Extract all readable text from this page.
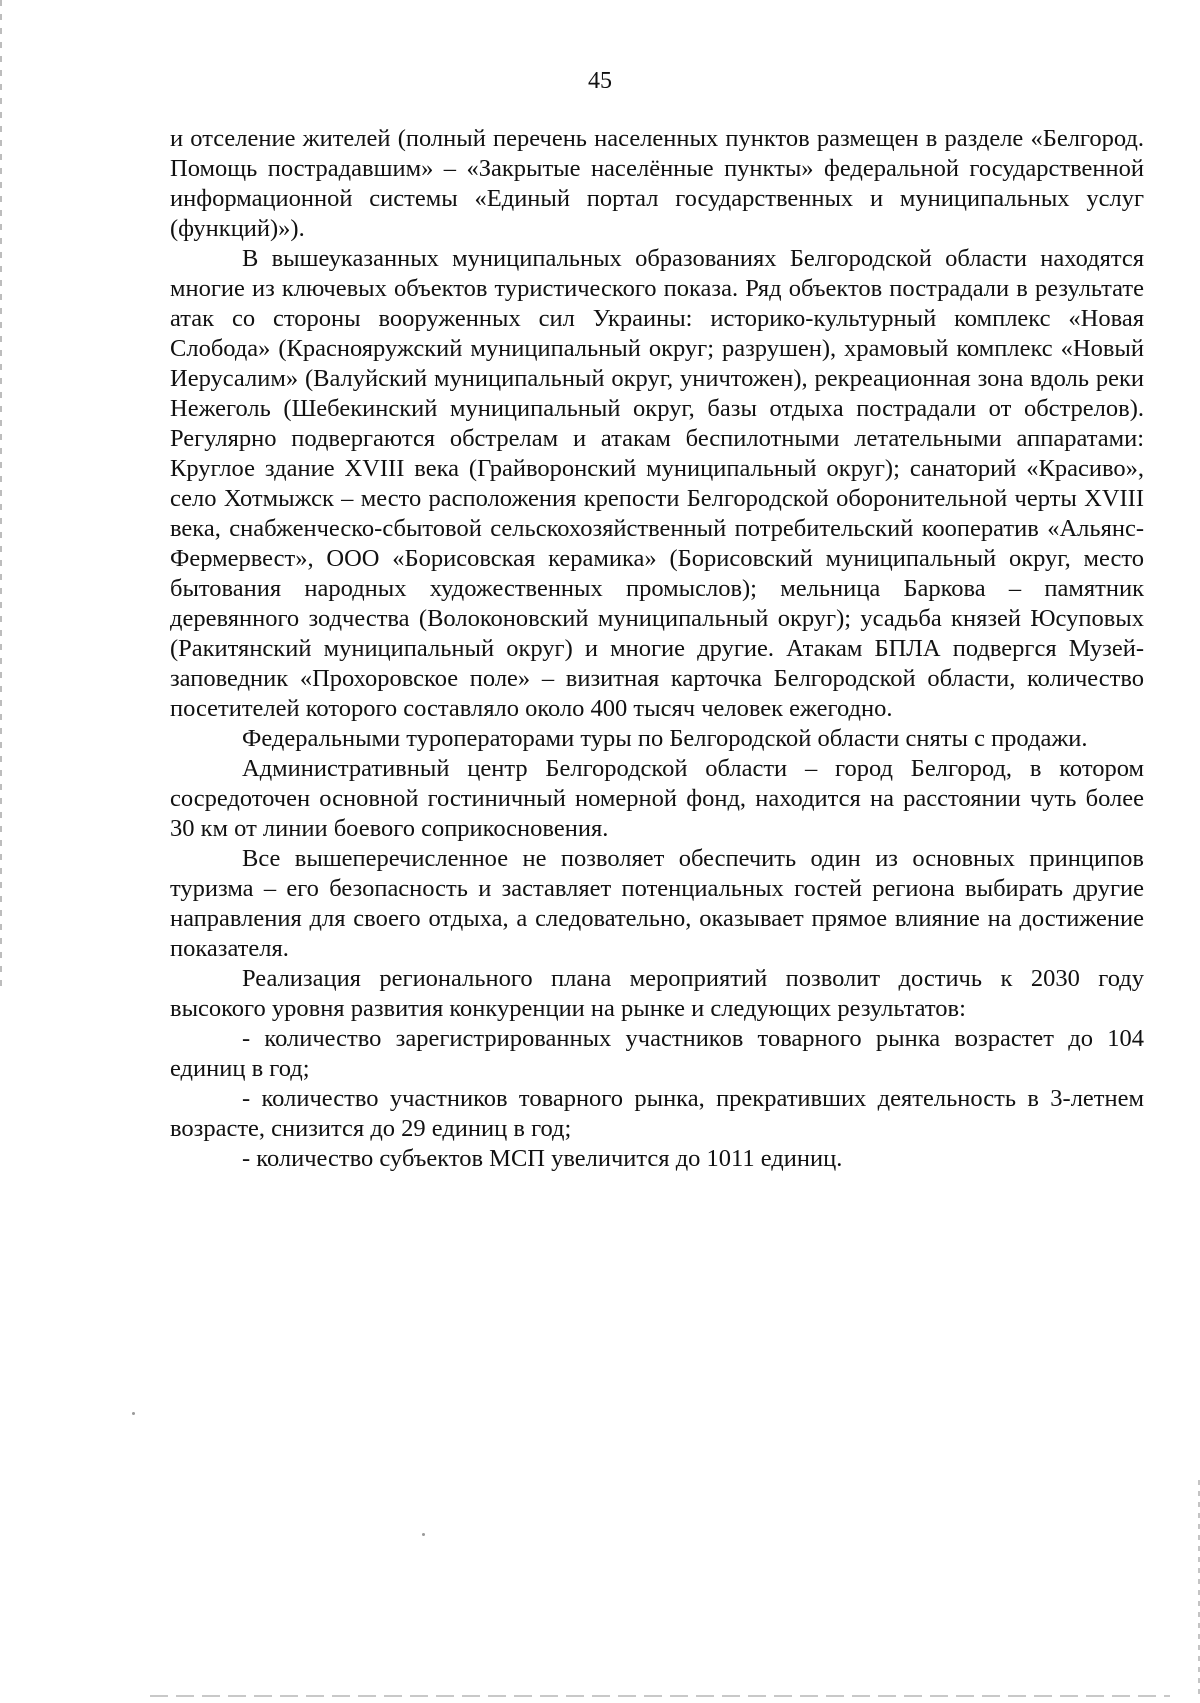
45

и отселение жителей (полный перечень населенных пунктов размещен в разделе «Белгород. Помощь пострадавшим» – «Закрытые населённые пункты» федеральной государственной информационной системы «Единый портал государственных и муниципальных услуг (функций)»).

В вышеуказанных муниципальных образованиях Белгородской области находятся многие из ключевых объектов туристического показа. Ряд объектов пострадали в результате атак со стороны вооруженных сил Украины: историко-культурный комплекс «Новая Слобода» (Краснояружский муниципальный округ; разрушен), храмовый комплекс «Новый Иерусалим» (Валуйский муниципальный округ, уничтожен), рекреационная зона вдоль реки Нежеголь (Шебекинский муниципальный округ, базы отдыха пострадали от обстрелов). Регулярно подвергаются обстрелам и атакам беспилотными летательными аппаратами: Круглое здание XVIII века (Грайворонский муниципальный округ); санаторий «Красиво», село Хотмыжск – место расположения крепости Белгородской оборонительной черты XVIII века, снабженческо-сбытовой сельскохозяйственный потребительский кооператив «Альянс-Фермервест», ООО «Борисовская керамика» (Борисовский муниципальный округ, место бытования народных художественных промыслов); мельница Баркова – памятник деревянного зодчества (Волоконовский муниципальный округ); усадьба князей Юсуповых (Ракитянский муниципальный округ) и многие другие. Атакам БПЛА подвергся Музей-заповедник «Прохоровское поле» – визитная карточка Белгородской области, количество посетителей которого составляло около 400 тысяч человек ежегодно.

Федеральными туроператорами туры по Белгородской области сняты с продажи.

Административный центр Белгородской области – город Белгород, в котором сосредоточен основной гостиничный номерной фонд, находится на расстоянии чуть более 30 км от линии боевого соприкосновения.

Все вышеперечисленное не позволяет обеспечить один из основных принципов туризма – его безопасность и заставляет потенциальных гостей региона выбирать другие направления для своего отдыха, а следовательно, оказывает прямое влияние на достижение показателя.

Реализация регионального плана мероприятий позволит достичь к 2030 году высокого уровня развития конкуренции на рынке и следующих результатов:

- количество зарегистрированных участников товарного рынка возрастет до 104 единиц в год;

- количество участников товарного рынка, прекративших деятельность в 3-летнем возрасте, снизится до 29 единиц в год;

- количество субъектов МСП увеличится до 1011 единиц.
